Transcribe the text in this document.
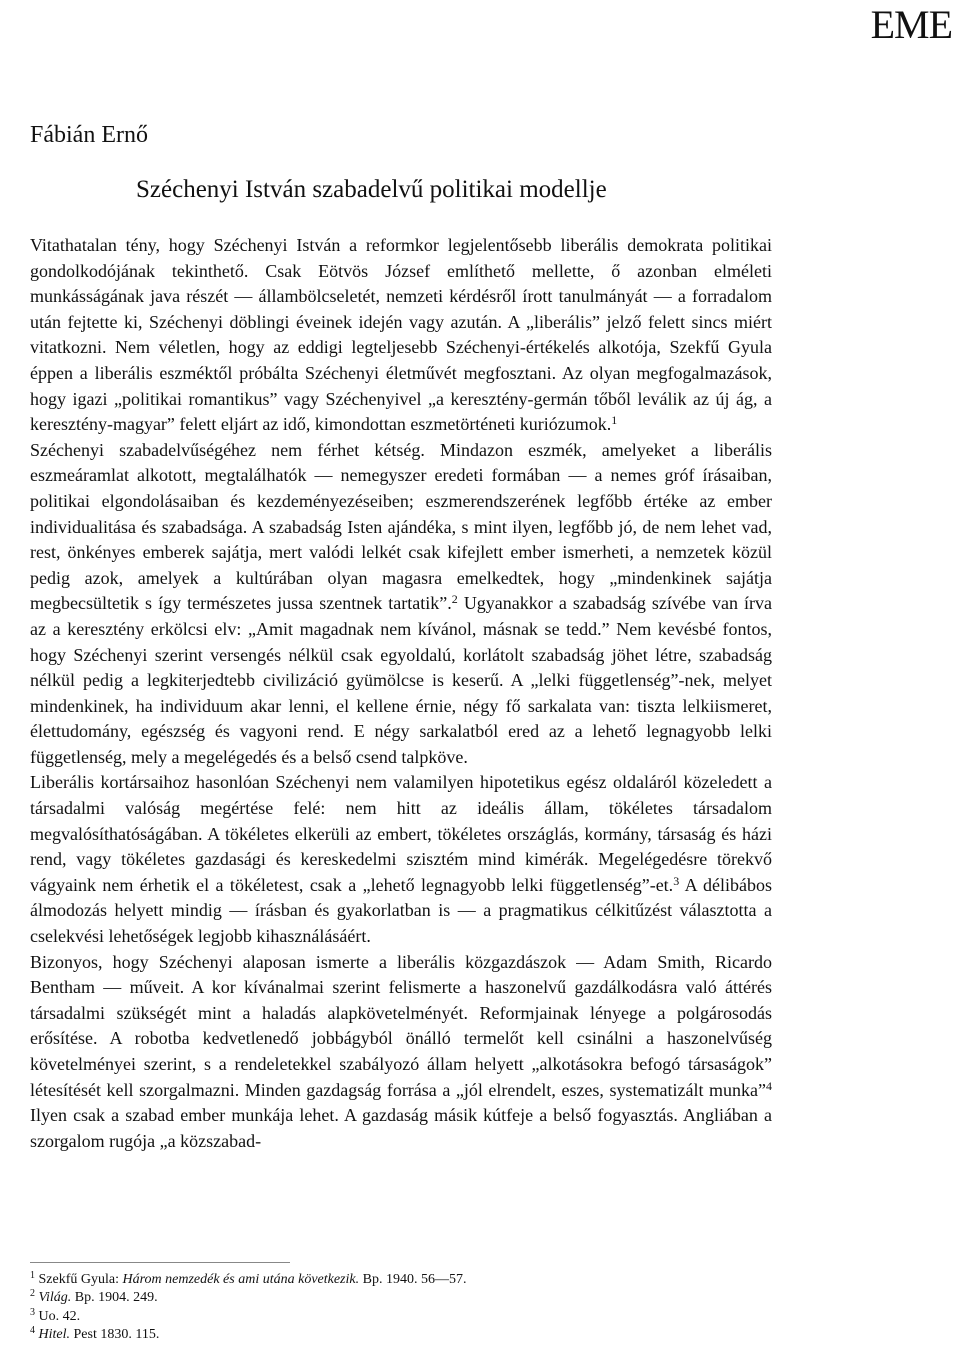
EME
Fábián Ernő
Széchenyi István szabadelvű politikai modellje

Vitathatalan tény, hogy Széchenyi István a reformkor legjelentősebb liberális demokrata politikai gondolkodójának tekinthető. Csak Eötvös József említhető mellette, ő azonban elméleti munkásságának java részét — állambölcseletét, nemzeti kérdésről írott tanulmányát — a forradalom után fejtette ki, Széchenyi döblingi éveinek idején vagy azután. A „liberális” jelző felett sincs miért vitatkozni. Nem véletlen, hogy az eddigi legteljesebb Széchenyi-értékelés alkotója, Szekfű Gyula éppen a liberális eszméktől próbálta Széchenyi életművét megfosztani. Az olyan megfogalmazások, hogy igazi „politikai romantikus” vagy Széchenyivel „a keresztény-germán tőből leválik az új ág, a keresztény-magyar” felett eljárt az idő, kimondottan eszmetörténeti kuriózumok.$^1$

Széchenyi szabadelvűségéhez nem férhet kétség. Mindazon eszmék, amelyeket a liberális eszmeáramlat alkotott, megtalálhatók — nemegyszer eredeti formában — a nemes gróf írásaiban, politikai elgondolásaiban és kezdeményezéseiben; eszmerendszerének legfőbb értéke az ember individualitása és szabadsága. A szabadság Isten ajándéka, s mint ilyen, legfőbb jó, de nem lehet vad, rest, önkényes emberek sajátja, mert valódi lelkét csak kifejlett ember ismerheti, a nemzetek közül pedig azok, amelyek a kultúrában olyan magasra emelkedtek, hogy „mindenkinek sajátja megbecsültetik s így természetes jussa szentnek tartatik”.$^2$ Ugyanakkor a szabadság szívébe van írva az a keresztény erkölcsi elv: „Amit magadnak nem kívánol, másnak se tedd.” Nem kevésbé fontos, hogy Széchenyi szerint versengés nélkül csak egyoldalú, korlátolt szabadság jöhet létre, szabadság nélkül pedig a legkiterjedtebb civilizáció gyümölcse is keserű. A „lelki függetlenség”-nek, melyet mindenkinek, ha individuum akar lenni, el kellene érnie, négy fő sarkalata van: tiszta lelkiismeret, élettudomány, egészség és vagyoni rend. E négy sarkalatból ered az a lehető legnagyobb lelki függetlenség, mely a megelégedés és a belső csend talpköve.

Liberális kortársaihoz hasonlóan Széchenyi nem valamilyen hipotetikus egész oldaláról közeledett a társadalmi valóság megértése felé: nem hitt az ideális állam, tökéletes társadalom megvalósíthatóságában. A tökéletes elkerüli az embert, tökéletes országlás, kormány, társaság és házi rend, vagy tökéletes gazdasági és kereskedelmi szisztém mind kimérák. Megelégedésre törekvő vágyaink nem érhetik el a tökéletest, csak a „lehető legnagyobb lelki függetlenség”-et.$^3$ A délibábos álmodozás helyett mindig — írásban és gyakorlatban is — a pragmatikus célkitűzést választotta a cselekvési lehetőségek legjobb kihasználásáért.

Bizonyos, hogy Széchenyi alaposan ismerte a liberális közgazdászok — Adam Smith, Ricardo Bentham — műveit. A kor kívánalmai szerint felismerte a haszonelvű gazdálkodásra való áttérés társadalmi szükségét mint a haladás alapkövetelményét. Reformjainak lényege a polgárosodás erősítése. A robotba kedvetlenedő jobbágyból önálló termelőt kell csinálni a haszonelvűség követelményei szerint, s a rendeletekkel szabályozó állam helyett „alkotásokra befogó társaságok” létesítését kell szorgalmazni. Minden gazdagság forrása a „jól elrendelt, eszes, systematizált munka”$^4$ Ilyen csak a szabad ember munkája lehet. A gazdaság másik kútfeje a belső fogyasztás. Angliában a szorgalom rugója „a közszabad-

$^1$ Szekfű Gyula: Három nemzedék és ami utána következik. Bp. 1940. 56—57.
$^2$ Világ. Bp. 1904. 249.
$^3$ Uo. 42.
$^4$ Hitel. Pest 1830. 115.
